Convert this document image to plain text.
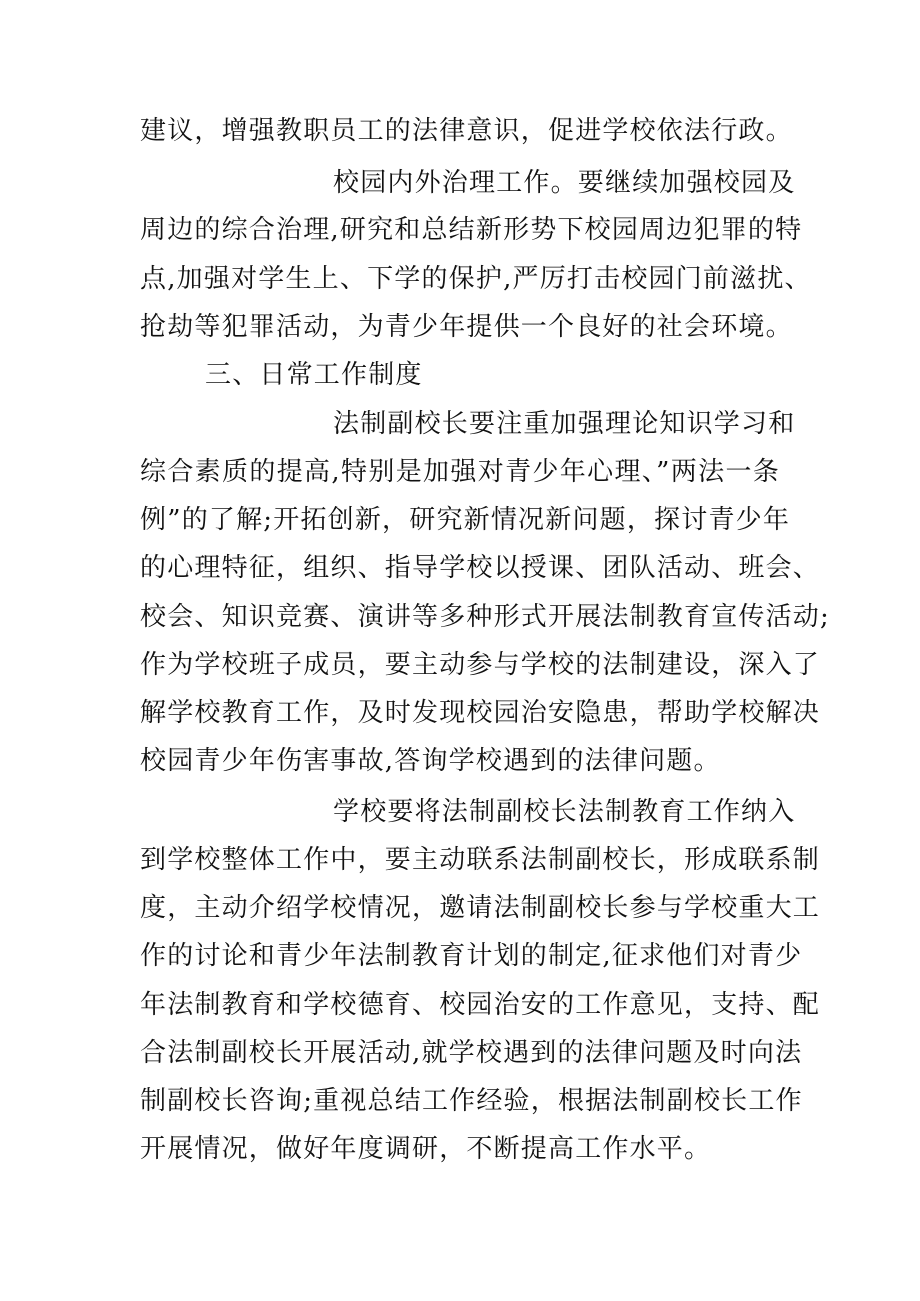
建议，增强教职员工的法律意识，促进学校依法行政。
校园内外治理工作。要继续加强校园及
周边的综合治理,研究和总结新形势下校园周边犯罪的特
点,加强对学生上、下学的保护,严厉打击校园门前滋扰、
抢劫等犯罪活动，为青少年提供一个良好的社会环境。
三、日常工作制度
法制副校长要注重加强理论知识学习和
综合素质的提高,特别是加强对青少年心理、”两法一条
例”的了解;开拓创新，研究新情况新问题，探讨青少年
的心理特征，组织、指导学校以授课、团队活动、班会、
校会、知识竞赛、演讲等多种形式开展法制教育宣传活动;
作为学校班子成员，要主动参与学校的法制建设，深入了
解学校教育工作，及时发现校园治安隐患，帮助学校解决
校园青少年伤害事故,答询学校遇到的法律问题。
学校要将法制副校长法制教育工作纳入
到学校整体工作中，要主动联系法制副校长，形成联系制
度，主动介绍学校情况，邀请法制副校长参与学校重大工
作的讨论和青少年法制教育计划的制定,征求他们对青少
年法制教育和学校德育、校园治安的工作意见，支持、配
合法制副校长开展活动,就学校遇到的法律问题及时向法
制副校长咨询;重视总结工作经验，根据法制副校长工作
开展情况，做好年度调研，不断提高工作水平。
